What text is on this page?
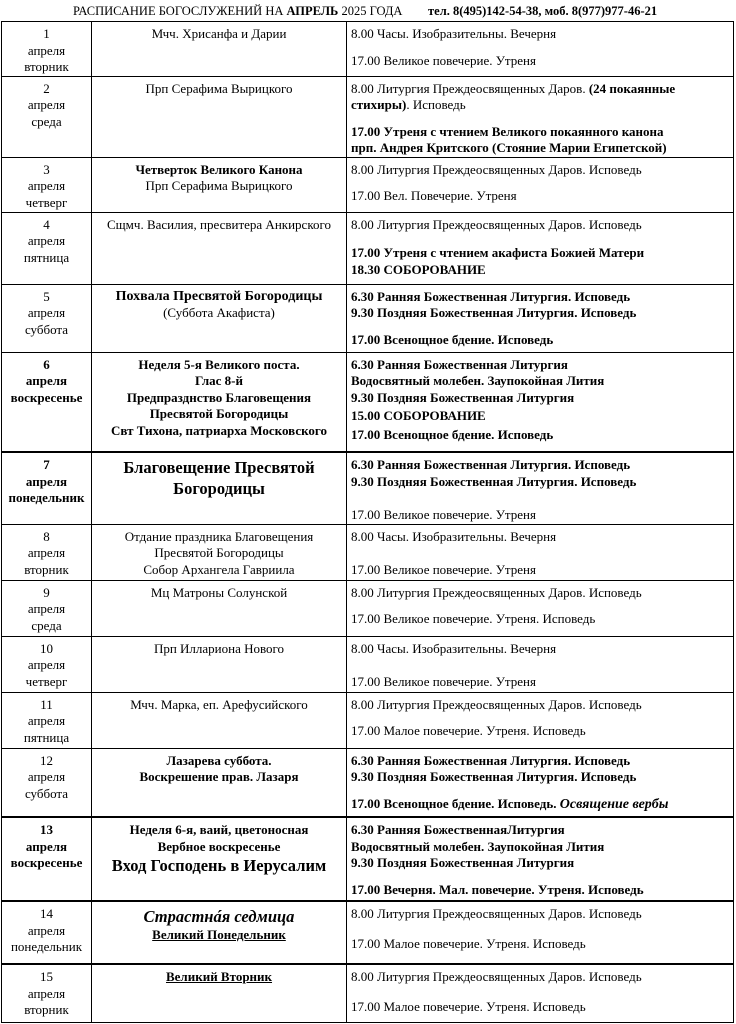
РАСПИСАНИЕ БОГОСЛУЖЕНИЙ НА АПРЕЛЬ 2025 ГОДА тел. 8(495)142-54-38, моб. 8(977)977-46-21
1
апреля
вторник	Мчч. Хрисанфа и Дарии	8.00 Часы. Изобразительны. Вечерня
17.00 Великое повечерие. Утреня

2
апреля
среда	Прп Серафима Вырицкого	8.00 Литургия Преждеосвященных Даров. (24 покаянные
стихиры). Исповедь
17.00 Утреня с чтением Великого покаянного канона
прп. Андрея Критского (Стояние Марии Египетской)

3
апреля
четверг	Четверток Великого Канона
Прп Серафима Вырицкого	8.00 Литургия Преждеосвященных Даров. Исповедь
17.00 Вел. Повечерие. Утреня

4
апреля
пятница	Сщмч. Василия, пресвитера Анкирского	8.00 Литургия Преждеосвященных Даров. Исповедь
17.00 Утреня с чтением акафиста Божией Матери
18.30 СОБОРОВАНИЕ

5
апреля
суббота	Похвала Пресвятой Богородицы
(Суббота Акафиста)	6.30 Ранняя Божественная Литургия. Исповедь
9.30 Поздняя Божественная Литургия. Исповедь
17.00 Всенощное бдение. Исповедь

6
апреля
воскресенье	Неделя 5-я Великого поста.
Глас 8-й
Предпразднство Благовещения
Пресвятой Богородицы
Свт Тихона, патриарха Московского	6.30 Ранняя Божественная Литургия
Водосвятный молебен. Заупокойная Лития
9.30 Поздняя Божественная Литургия
15.00 СОБОРОВАНИЕ
17.00 Всенощное бдение. Исповедь

7
апреля
понедельник	Благовещение Пресвятой
Богородицы	6.30 Ранняя Божественная Литургия. Исповедь
9.30 Поздняя Божественная Литургия. Исповедь
17.00 Великое повечерие. Утреня

8
апреля
вторник	Отдание праздника Благовещения
Пресвятой Богородицы
Собор Архангела Гавриила	8.00 Часы. Изобразительны. Вечерня
17.00 Великое повечерие. Утреня

9
апреля
среда	Мц Матроны Солунской	8.00 Литургия Преждеосвященных Даров. Исповедь
17.00 Великое повечерие. Утреня. Исповедь

10
апреля
четверг	Прп Иллариона Нового	8.00 Часы. Изобразительны. Вечерня
17.00 Великое повечерие. Утреня

11
апреля
пятница	Мчч. Марка, еп. Арефусийского	8.00 Литургия Преждеосвященных Даров. Исповедь
17.00 Малое повечерие. Утреня. Исповедь

12
апреля
суббота	Лазарева суббота.
Воскрешение прав. Лазаря	6.30 Ранняя Божественная Литургия. Исповедь
9.30 Поздняя Божественная Литургия. Исповедь
17.00 Всенощное бдение. Исповедь. Освящение вербы

13
апреля
воскресенье	Неделя 6-я, ваий, цветоносная
Вербное воскресенье
Вход Господень в Иерусалим	6.30 Ранняя БожественнаяЛитургия
Водосвятный молебен. Заупокойная Лития
9.30 Поздняя Божественная Литургия
17.00 Вечерня. Мал. повечерие. Утреня. Исповедь

14
апреля
понедельник	Страстнáя седмица
Великий Понедельник	8.00 Литургия Преждеосвященных Даров. Исповедь
17.00 Малое повечерие. Утреня. Исповедь

15
апреля
вторник	Великий Вторник	8.00 Литургия Преждеосвященных Даров. Исповедь
17.00 Малое повечерие. Утреня. Исповедь
